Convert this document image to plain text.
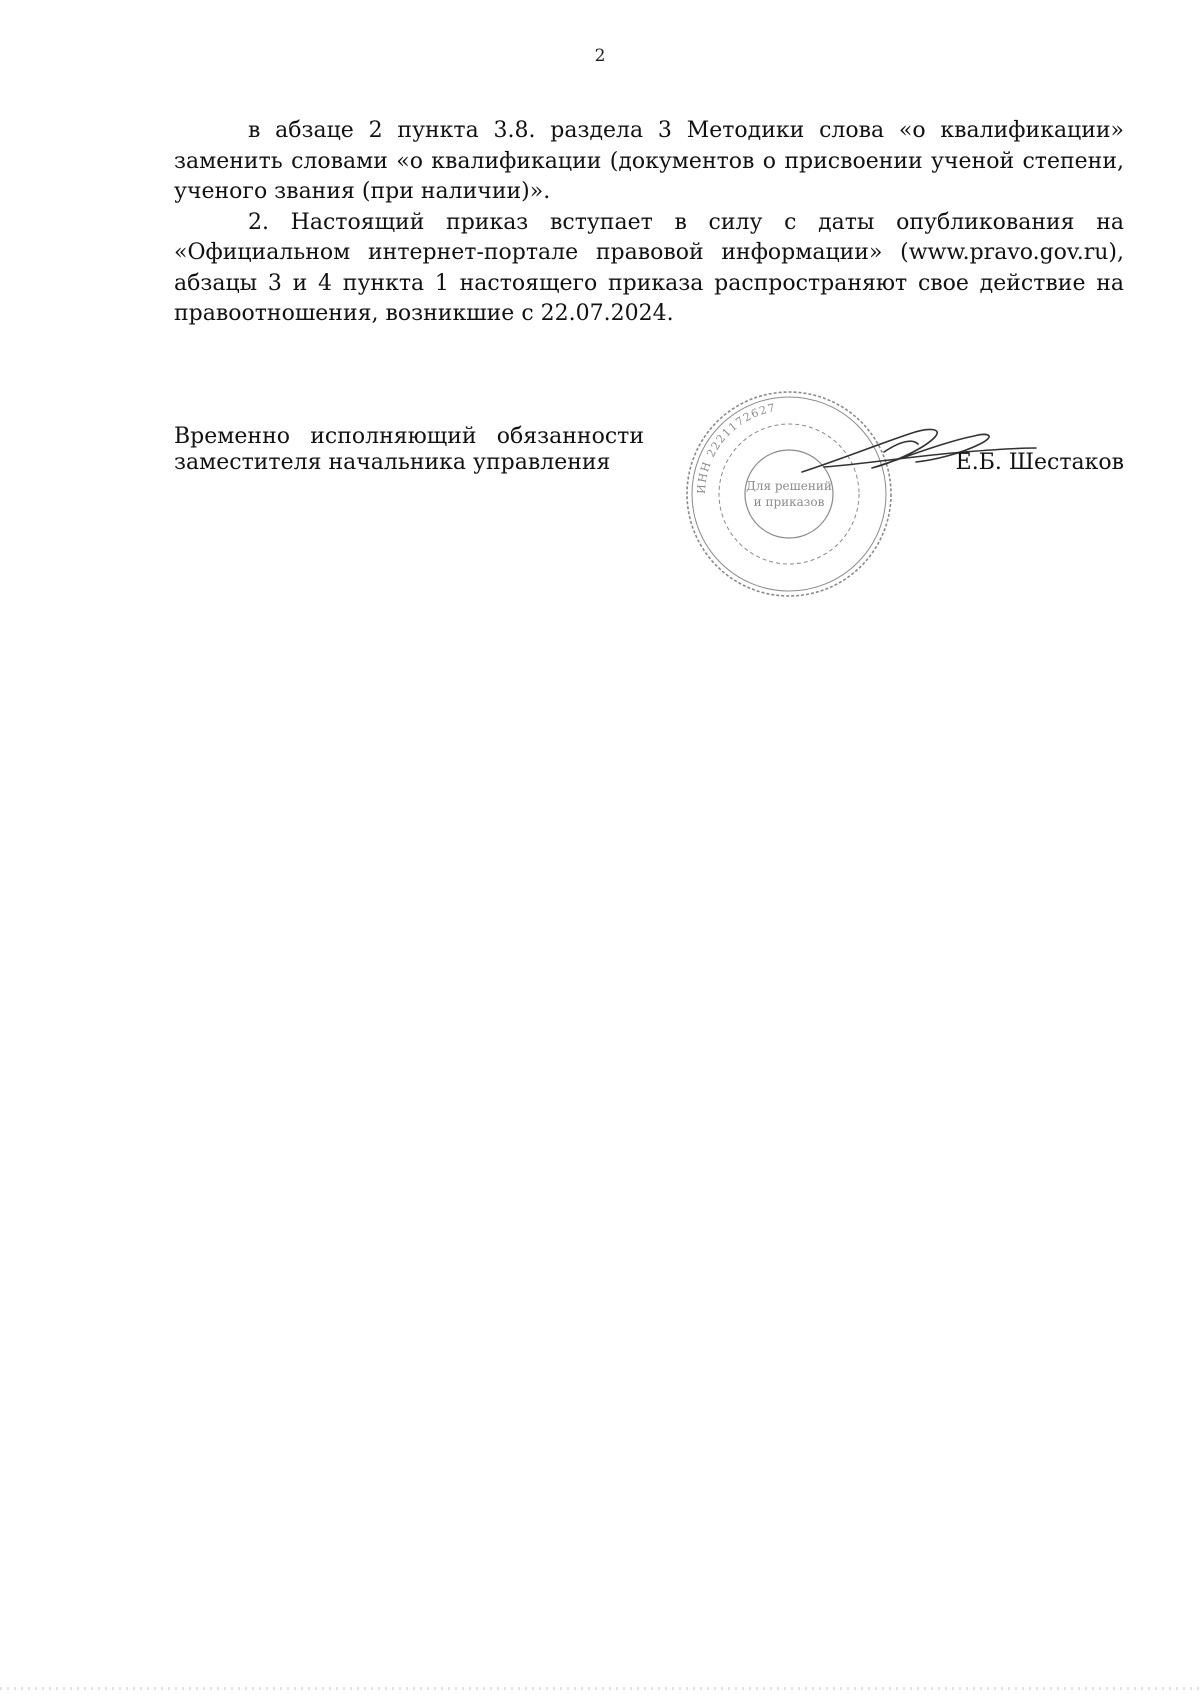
2

в абзаце 2 пункта 3.8. раздела 3 Методики слова «о квалификации» заменить словами «о квалификации (документов о присвоении ученой степени, ученого звания (при наличии)».

2. Настоящий приказ вступает в силу с даты опубликования на «Официальном интернет-портале правовой информации» (www.pravo.gov.ru), абзацы 3 и 4 пункта 1 настоящего приказа распространяют свое действие на правоотношения, возникшие с 22.07.2024.

Временно исполняющий обязанности
заместителя начальника управления
ИНН 2221172627
Для решений
и приказов
Е.Б. Шестаков
